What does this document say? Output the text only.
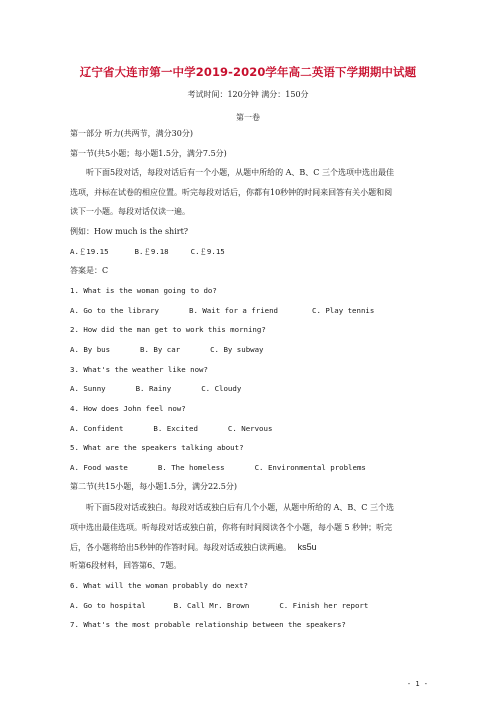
辽宁省大连市第一中学2019-2020学年高二英语下学期期中试题
考试时间：120分钟 满分：150分
第一卷
第一部分 听力(共两节，满分30分)
第一节(共5小题；每小题1.5分，满分7.5分)
听下面5段对话，每段对话后有一个小题，从题中所给的 A、B、C 三个选项中选出最佳
选项，并标在试卷的相应位置。听完每段对话后，你都有10秒钟的时间来回答有关小题和阅
读下一小题。每段对话仅读一遍。
例如：How much is the shirt?
A.￡19.15	B.￡9.18	C.￡9.15
答案是：C
1. What is the woman going to do?
A. Go to the library	B. Wait for a friend	C. Play tennis
2. How did the man get to work this morning?
A. By bus	B. By car	C. By subway
3. What's the weather like now?
A. Sunny	B. Rainy	C. Cloudy
4. How does John feel now?
A. Confident	B. Excited	C. Nervous
5. What are the speakers talking about?
A. Food waste	B. The homeless	C. Environmental problems
第二节(共15小题，每小题1.5分，满分22.5分)
听下面5段对话或独白。每段对话或独白后有几个小题，从题中所给的 A、B、C 三个选
项中选出最佳选项。听每段对话或独白前，你将有时间阅读各个小题，每小题 5 秒钟；听完
后，各小题将给出5秒钟的作答时间。每段对话或独白读两遍。 ks5u
听第6段材料，回答第6、7题。
6. What will the woman probably do next?
A. Go to hospital	B. Call Mr. Brown	C. Finish her report
7. What's the most probable relationship between the speakers?
- 1 -
